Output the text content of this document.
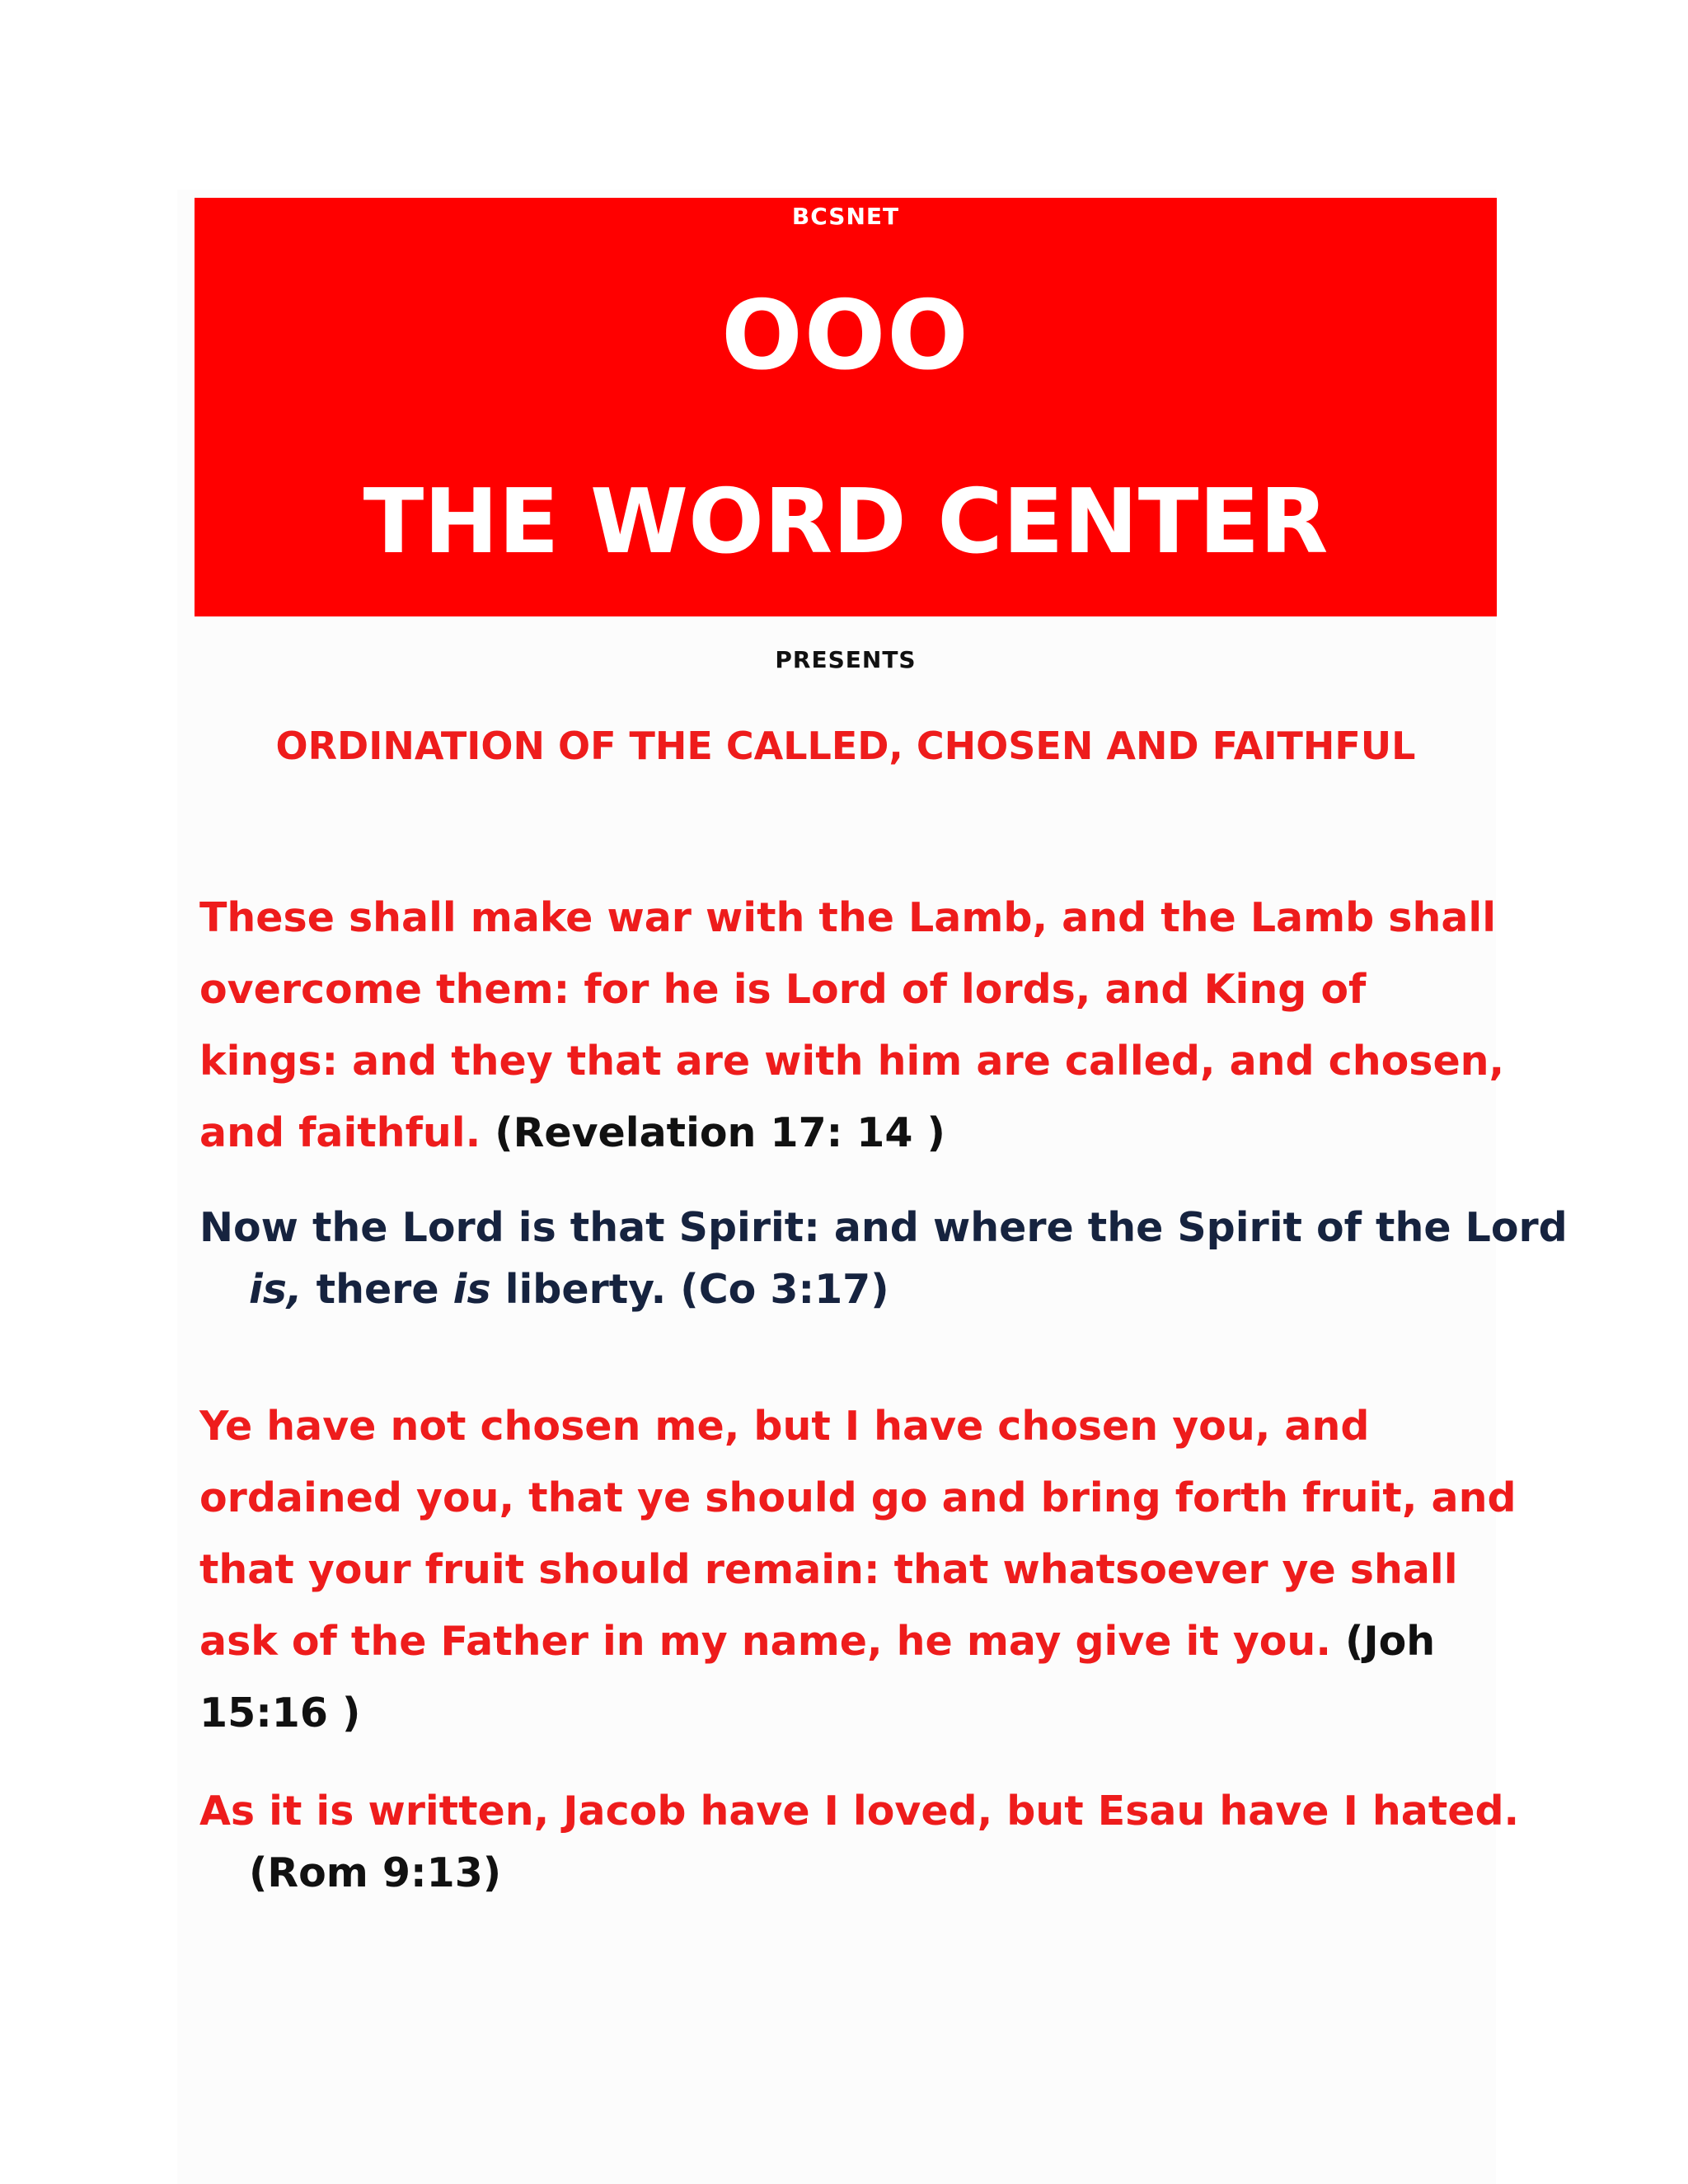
BCSNET
OOO
THE WORD CENTER
PRESENTS
ORDINATION OF THE CALLED, CHOSEN AND FAITHFUL
These shall make war with the Lamb, and the Lamb shall overcome them: for he is Lord of lords, and King of kings: and they that are with him are called, and chosen, and faithful. (Revelation 17: 14 )
Now the Lord is that Spirit: and where the Spirit of the Lord is, there is liberty. (Co 3:17)
Ye have not chosen me, but I have chosen you, and ordained you, that ye should go and bring forth fruit, and that your fruit should remain: that whatsoever ye shall ask of the Father in my name, he may give it you. (Joh 15:16 )
As it is written, Jacob have I loved, but Esau have I hated. (Rom 9:13)
